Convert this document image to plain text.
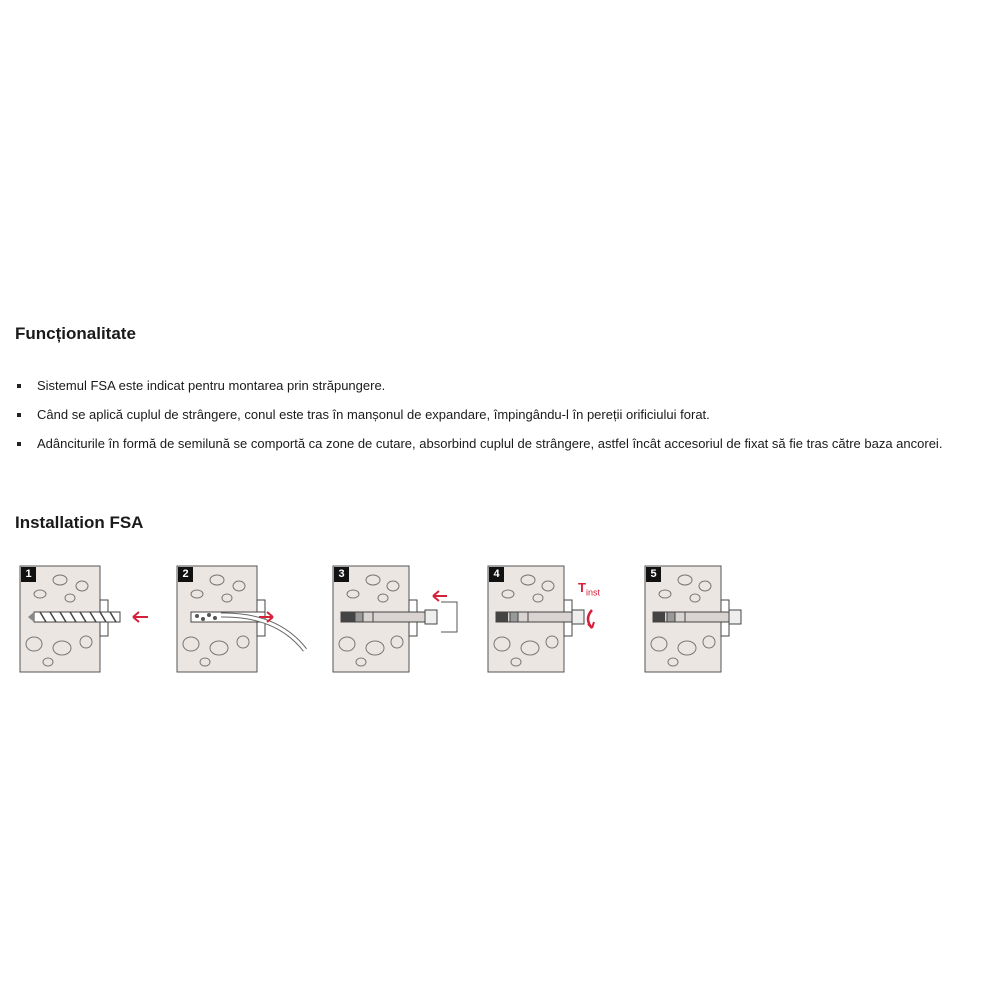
Funcționalitate
Sistemul FSA este indicat pentru montarea prin străpungere.
Când se aplică cuplul de strângere, conul este tras în manșonul de expandare, împingându-l în pereții orificiului forat.
Adânciturile în formă de semilună se comportă ca zone de cutare, absorbind cuplul de strângere, astfel încât accesoriul de fixat să fie tras către baza ancorei.
Installation FSA
1	2	3	4
$T_{inst}$
5
